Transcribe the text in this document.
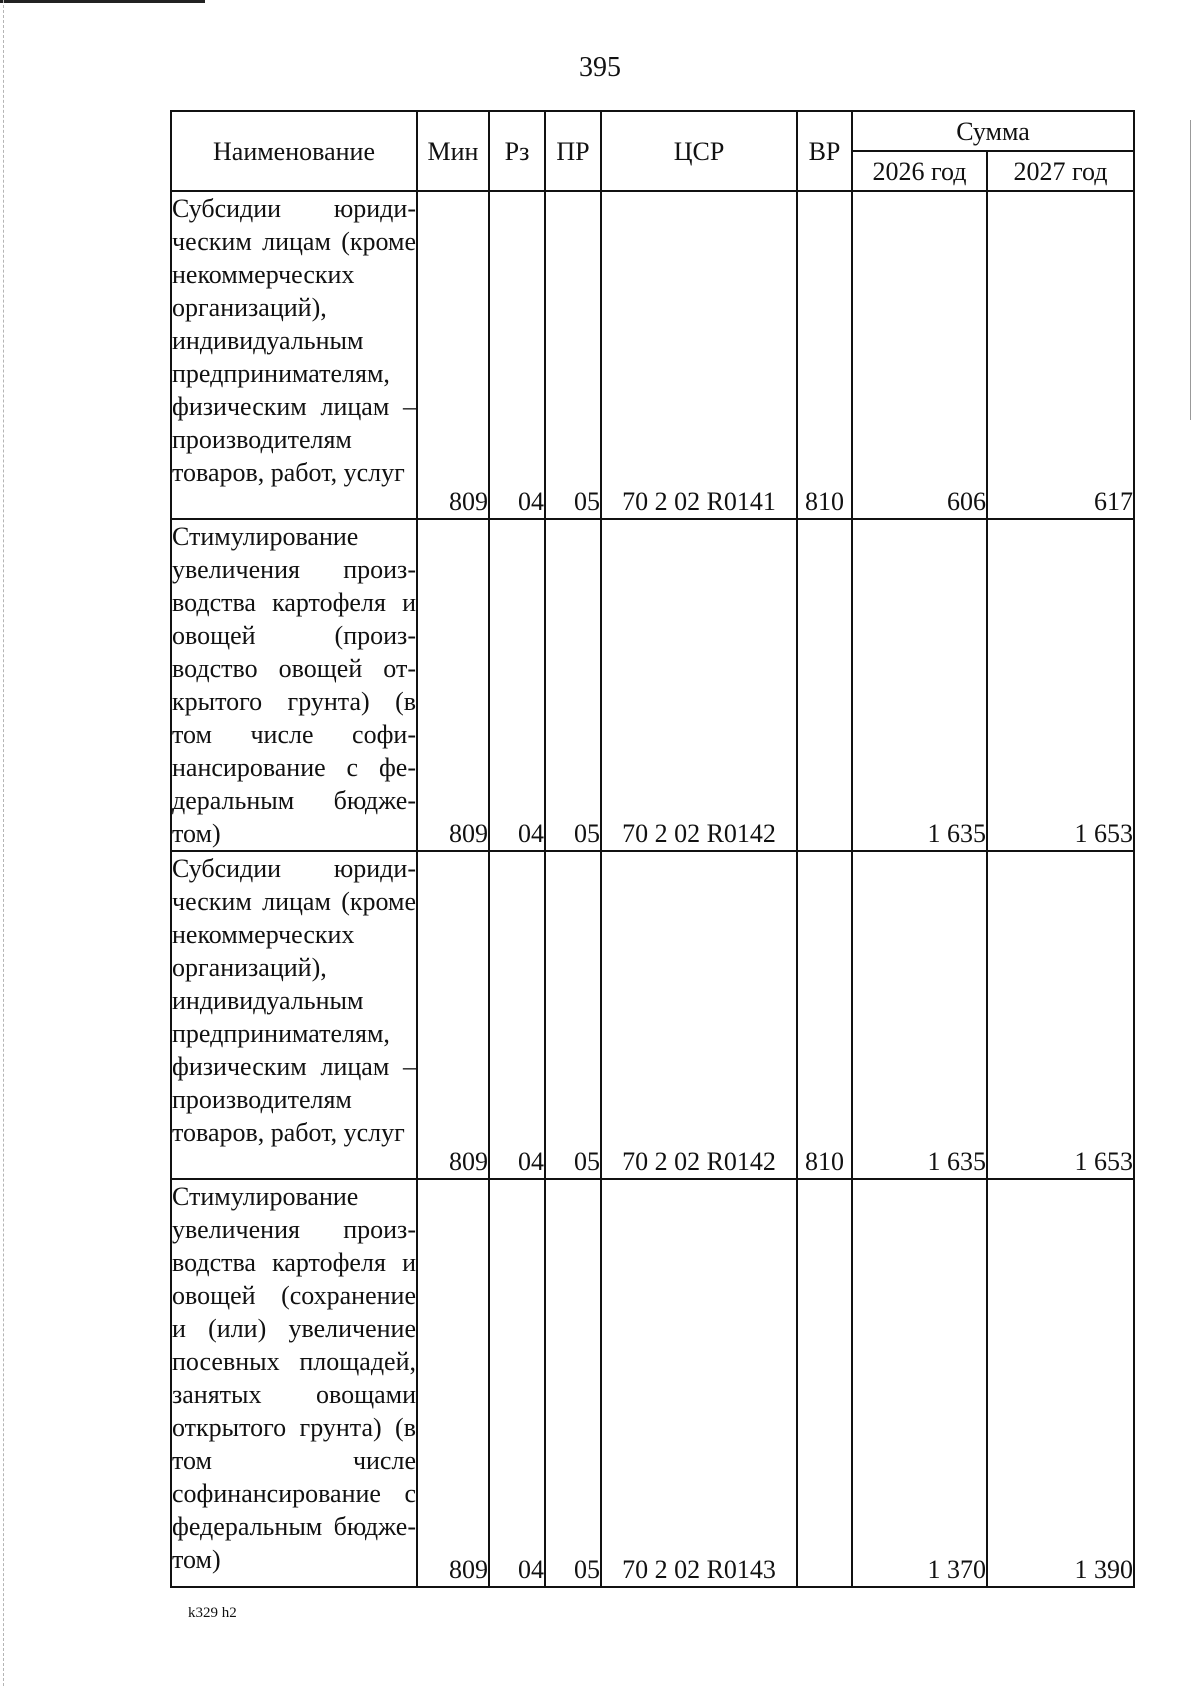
395
Наименование	Мин	Рз	ПР	ЦСР	ВР	Сумма	
						2026 год	2027 год
Субсидии юридическим лицам (кроме некоммерческих организаций), индивидуальным предпринимателям, физическим лицам – производителям товаров, работ, услуг	809	04	05	70 2 02 R0141	810	606	617
Стимулирование увеличения производства картофеля и овощей (производство овощей открытого грунта) (в том числе софинансирование с федеральным бюджетом)	809	04	05	70 2 02 R0142		1 635	1 653
Субсидии юридическим лицам (кроме некоммерческих организаций), индивидуальным предпринимателям, физическим лицам – производителям товаров, работ, услуг	809	04	05	70 2 02 R0142	810	1 635	1 653
Стимулирование увеличения производства картофеля и овощей (сохранение и (или) увеличение посевных площадей, занятых овощами открытого грунта) (в том числе софинансирование с федеральным бюджетом)	809	04	05	70 2 02 R0143		1 370	1 390
k329 h2
